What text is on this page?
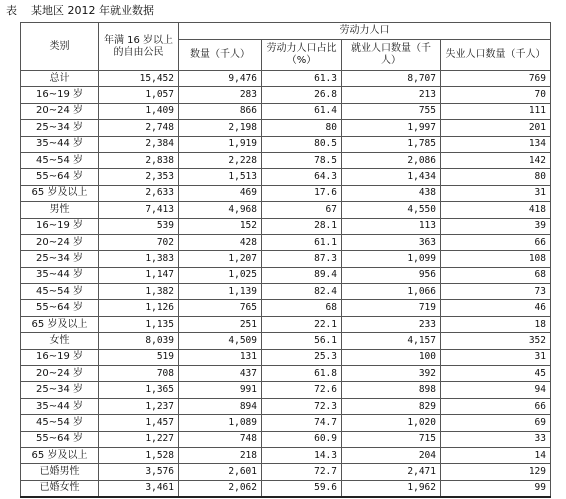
表 某地区 2012 年就业数据
类别	年满 16 岁以上的自由公民	劳动力人口			
		数量（千人）	劳动力人口占比（%）	就业人口数量（千人）	失业人口数量（千人）
总计	15,452	9,476	61.3	8,707	769
16~19 岁	1,057	283	26.8	213	70
20~24 岁	1,409	866	61.4	755	111
25~34 岁	2,748	2,198	80	1,997	201
35~44 岁	2,384	1,919	80.5	1,785	134
45~54 岁	2,838	2,228	78.5	2,086	142
55~64 岁	2,353	1,513	64.3	1,434	80
65 岁及以上	2,633	469	17.6	438	31
男性	7,413	4,968	67	4,550	418
16~19 岁	539	152	28.1	113	39
20~24 岁	702	428	61.1	363	66
25~34 岁	1,383	1,207	87.3	1,099	108
35~44 岁	1,147	1,025	89.4	956	68
45~54 岁	1,382	1,139	82.4	1,066	73
55~64 岁	1,126	765	68	719	46
65 岁及以上	1,135	251	22.1	233	18
女性	8,039	4,509	56.1	4,157	352
16~19 岁	519	131	25.3	100	31
20~24 岁	708	437	61.8	392	45
25~34 岁	1,365	991	72.6	898	94
35~44 岁	1,237	894	72.3	829	66
45~54 岁	1,457	1,089	74.7	1,020	69
55~64 岁	1,227	748	60.9	715	33
65 岁及以上	1,528	218	14.3	204	14
已婚男性	3,576	2,601	72.7	2,471	129
已婚女性	3,461	2,062	59.6	1,962	99
